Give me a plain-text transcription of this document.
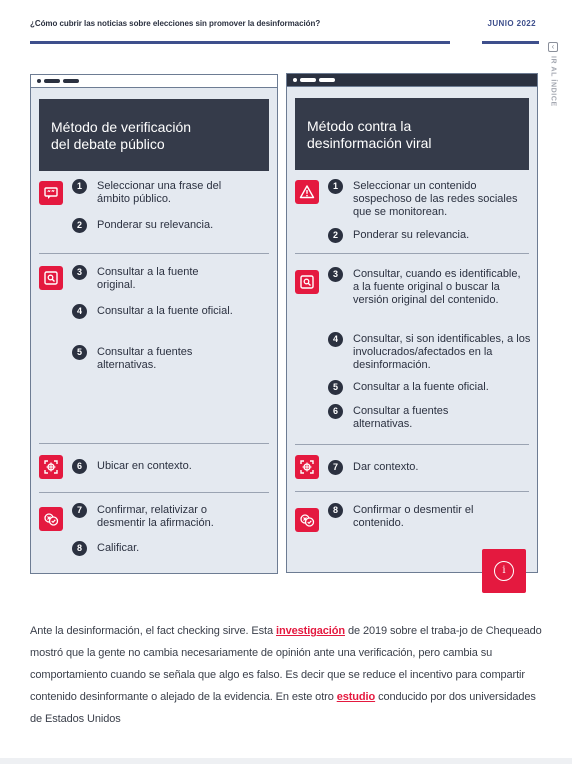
¿Cómo cubrir las noticias sobre elecciones sin promover la desinformación?	JUNIO 2022
‹
IR AL ÍNDICE
Método de verificación
del debate público
“”
1	Seleccionar una frase del ámbito público.
2	Ponderar su relevancia.
3	Consultar a la fuente original.
4	Consultar a la fuente oficial.
5	Consultar a fuentes alternativas.
6	Ubicar en contexto.
7	Confirmar, relativizar o desmentir la afirmación.
8	Calificar.
Método contra la
desinformación viral
1	Seleccionar un contenido sospechoso de las redes sociales que se monitorean.
2	Ponderar su relevancia.
3	Consultar, cuando es identificable, a la fuente original o buscar la versión original del contenido.
4	Consultar, si son identificables, a los involucrados/afectados en la desinformación.
5	Consultar a la fuente oficial.
6	Consultar a fuentes alternativas.
7	Dar contexto.
8	Confirmar o desmentir el contenido.
i
Ante la desinformación, el fact checking sirve. Esta investigación de 2019 sobre el traba-jo de Chequeado mostró que la gente no cambia necesariamente de opinión ante una verificación, pero cambia su comportamiento cuando se señala que algo es falso. Es decir que se reduce el incentivo para compartir contenido desinformante o alejado de la evidencia. En este otro estudio conducido por dos universidades de Estados Unidos
